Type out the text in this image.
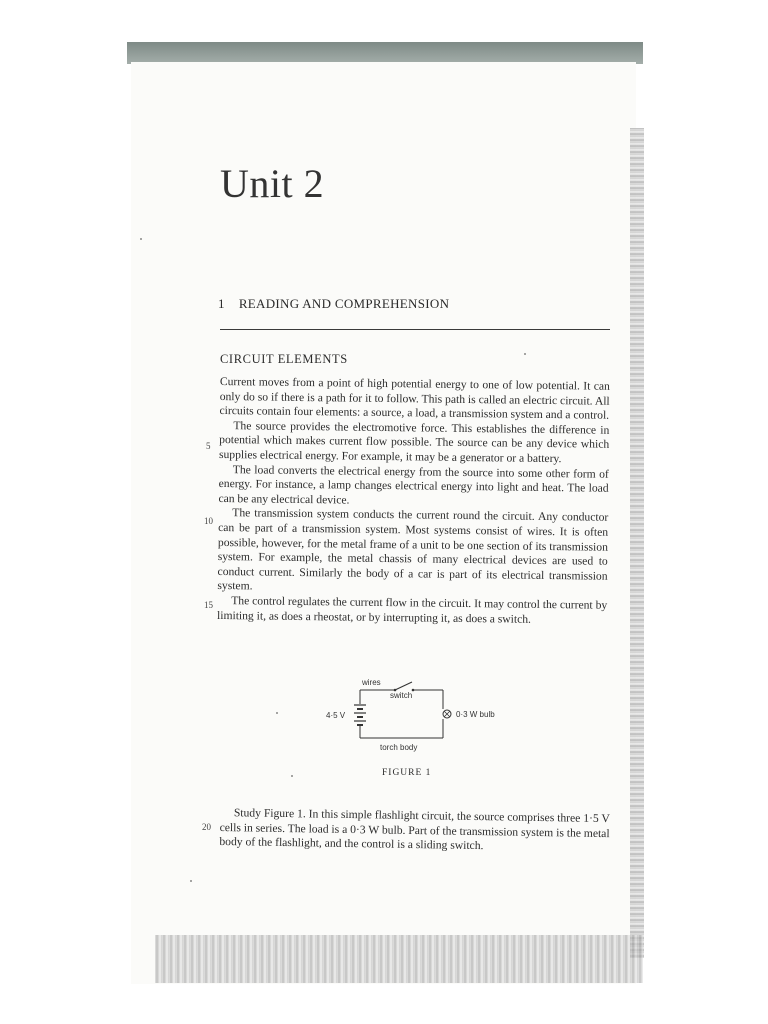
Unit 2
1 READING AND COMPREHENSION
CIRCUIT ELEMENTS

Current moves from a point of high potential energy to one of low potential. It can only do so if there is a path for it to follow. This path is called an electric circuit. All circuits contain four elements: a source, a load, a transmission system and a control.

The source provides the electromotive force. This establishes the difference in potential which makes current flow possible. The source can be any device which supplies electrical energy. For example, it may be a generator or a battery.

The load converts the electrical energy from the source into some other form of energy. For instance, a lamp changes electrical energy into light and heat. The load can be any electrical device.

The transmission system conducts the current round the circuit. Any conductor can be part of a transmission system. Most systems consist of wires. It is often possible, however, for the metal frame of a unit to be one section of its transmission system. For example, the metal chassis of many electrical devices are used to conduct current. Similarly the body of a car is part of its electrical transmission system.

The control regulates the current flow in the circuit. It may control the current by limiting it, as does a rheostat, or by interrupting it, as does a switch.

5
10
15
20
wires
switch
4·5 V	0·3 W bulb
torch body
FIGURE 1
Study Figure 1. In this simple flashlight circuit, the source comprises three 1·5 V cells in series. The load is a 0·3 W bulb. Part of the transmission system is the metal body of the flashlight, and the control is a sliding switch.
